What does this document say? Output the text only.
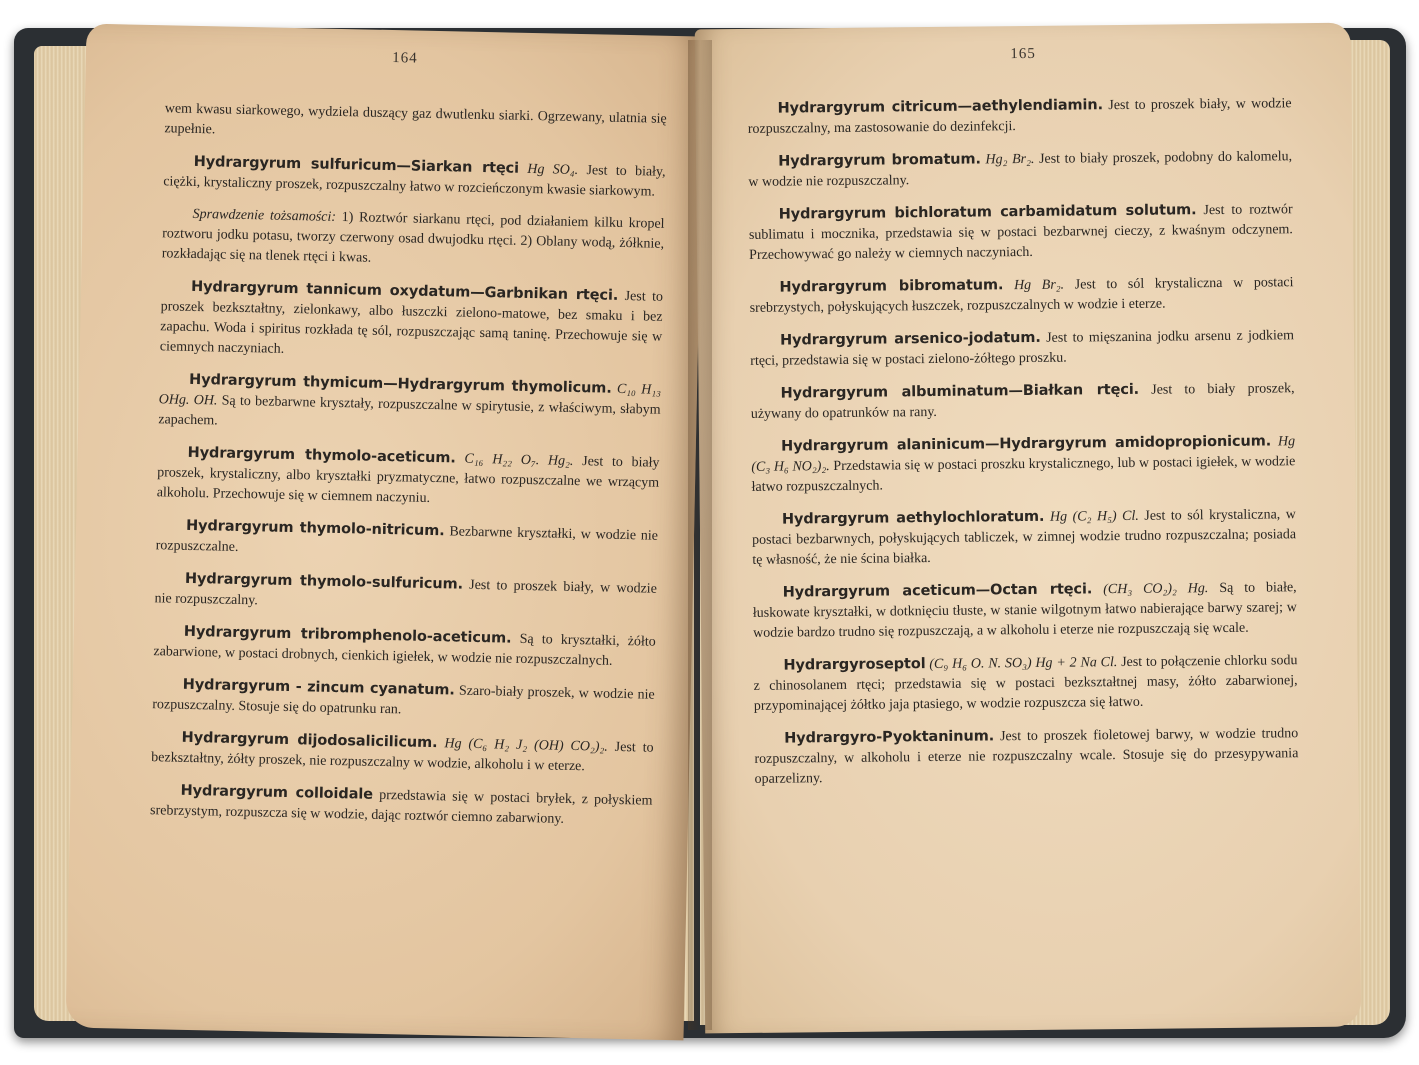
164

wem kwasu siarkowego, wydziela duszący gaz dwutlenku siarki. Ogrzewany, ulatnia się zupełnie.

Hydrargyrum sulfuricum—Siarkan rtęci Hg SO₄. Jest to biały, ciężki, krystaliczny proszek, rozpuszczalny łatwo w rozcieńczonym kwasie siarkowym.

Sprawdzenie tożsamości: 1) Roztwór siarkanu rtęci, pod działaniem kilku kropel roztworu jodku potasu, tworzy czerwony osad dwujodku rtęci. 2) Oblany wodą, żółknie, rozkładając się na tlenek rtęci i kwas.

Hydrargyrum tannicum oxydatum—Garbnikan rtęci. Jest to proszek bezkształtny, zielonkawy, albo łuszczki zielono-matowe, bez smaku i bez zapachu. Woda i spiritus rozkłada tę sól, rozpuszczając samą taninę. Przechowuje się w ciemnych naczyniach.

Hydrargyrum thymicum—Hydrargyrum thymolicum. C₁₀ H₁₃ OHg. OH. Są to bezbarwne kryształy, rozpuszczalne w spirytusie, z właściwym, słabym zapachem.

Hydrargyrum thymolo-aceticum. C₁₆ H₂₂ O₇. Hg₂. Jest to biały proszek, krystaliczny, albo kryształki pryzmatyczne, łatwo rozpuszczalne we wrzącym alkoholu. Przechowuje się w ciemnem naczyniu.

Hydrargyrum thymolo-nitricum. Bezbarwne kryształki, w wodzie nie rozpuszczalne.

Hydrargyrum thymolo-sulfuricum. Jest to proszek biały, w wodzie nie rozpuszczalny.

Hydrargyrum tribromphenolo-aceticum. Są to kryształki, żółto zabarwione, w postaci drobnych, cienkich igiełek, w wodzie nie rozpuszczalnych.

Hydrargyrum - zincum cyanatum. Szaro-biały proszek, w wodzie nie rozpuszczalny. Stosuje się do opatrunku ran.

Hydrargyrum dijodosalicilicum. Hg (C₆ H₂ J₂ (OH) CO₂)₂. Jest to bezkształtny, żółty proszek, nie rozpuszczalny w wodzie, alkoholu i w eterze.

Hydrargyrum colloidale przedstawia się w postaci bryłek, z połyskiem srebrzystym, rozpuszcza się w wodzie, dając roztwór ciemno zabarwiony.

165

Hydrargyrum citricum—aethylendiamin. Jest to proszek biały, w wodzie rozpuszczalny, ma zastosowanie do dezinfekcji.

Hydrargyrum bromatum. Hg₂ Br₂. Jest to biały proszek, podobny do kalomelu, w wodzie nie rozpuszczalny.

Hydrargyrum bichloratum carbamidatum solutum. Jest to roztwór sublimatu i mocznika, przedstawia się w postaci bezbarwnej cieczy, z kwaśnym odczynem. Przechowywać go należy w ciemnych naczyniach.

Hydrargyrum bibromatum. Hg Br₂. Jest to sól krystaliczna w postaci srebrzystych, połyskujących łuszczek, rozpuszczalnych w wodzie i eterze.

Hydrargyrum arsenico-jodatum. Jest to mięszanina jodku arsenu z jodkiem rtęci, przedstawia się w postaci zielono-żółtego proszku.

Hydrargyrum albuminatum—Białkan rtęci. Jest to biały proszek, używany do opatrunków na rany.

Hydrargyrum alaninicum—Hydrargyrum amidopropionicum. Hg (C₃ H₆ NO₂)₂. Przedstawia się w postaci proszku krystalicznego, lub w postaci igiełek, w wodzie łatwo rozpuszczalnych.

Hydrargyrum aethylochloratum. Hg (C₂ H₅) Cl. Jest to sól krystaliczna, w postaci bezbarwnych, połyskujących tabliczek, w zimnej wodzie trudno rozpuszczalna; posiada tę własność, że nie ścina białka.

Hydrargyrum aceticum—Octan rtęci. (CH₃ CO₂)₂ Hg. Są to białe, łuskowate kryształki, w dotknięciu tłuste, w stanie wilgotnym łatwo nabierające barwy szarej; w wodzie bardzo trudno się rozpuszczają, a w alkoholu i eterze nie rozpuszczają się wcale.

Hydrargyroseptol (C₉ H₆ O. N. SO₃) Hg + 2 Na Cl. Jest to połączenie chlorku sodu z chinosolanem rtęci; przedstawia się w postaci bezkształtnej masy, żółto zabarwionej, przypominającej żółtko jaja ptasiego, w wodzie rozpuszcza się łatwo.

Hydrargyro-Pyoktaninum. Jest to proszek fioletowej barwy, w wodzie trudno rozpuszczalny, w alkoholu i eterze nie rozpuszczalny wcale. Stosuje się do przesypywania oparzelizny.
